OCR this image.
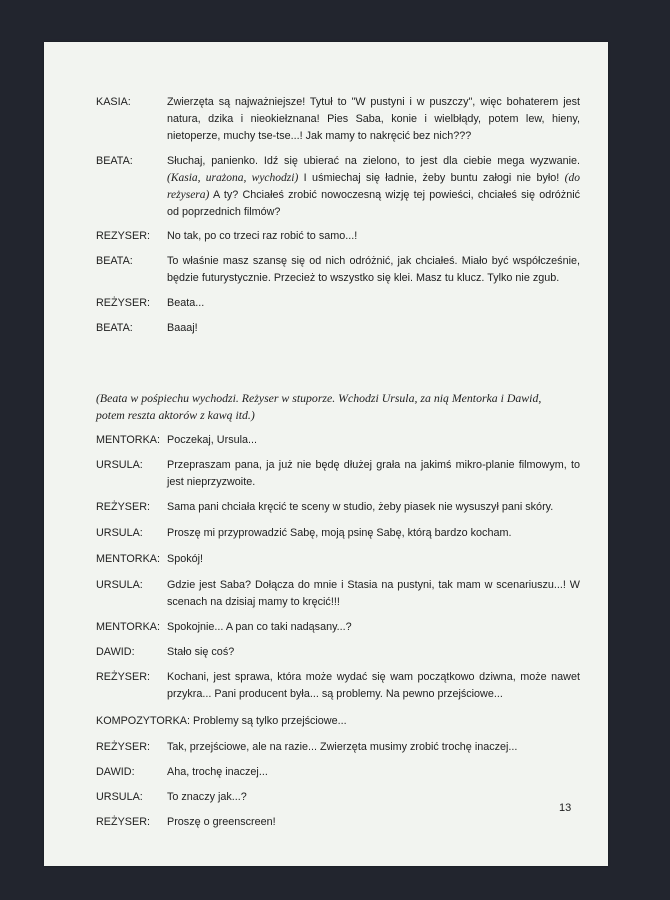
KASIA:	Zwierzęta są najważniejsze! Tytuł to "W pustyni i w puszczy", więc bohaterem jest natura, dzika i nieokiełznana! Pies Saba, konie i wielbłądy, potem lew, hieny, nietoperze, muchy tse-tse...! Jak mamy to nakręcić bez nich???
BEATA:	Słuchaj, panienko. Idź się ubierać na zielono, to jest dla ciebie mega wyzwanie. (Kasia, urażona, wychodzi) I uśmiechaj się ładnie, żeby buntu załogi nie było! (do reżysera) A ty? Chciałeś zrobić nowoczesną wizję tej powieści, chciałeś się odróżnić od poprzednich filmów?
REZYSER:	No tak, po co trzeci raz robić to samo...!
BEATA:	To właśnie masz szansę się od nich odróżnić, jak chciałeś. Miało być współcześnie, będzie futurystycznie. Przecież to wszystko się klei. Masz tu klucz. Tylko nie zgub.
REŻYSER:	Beata...
BEATA:	Baaaj!
(Beata w pośpiechu wychodzi. Reżyser w stuporze. Wchodzi Ursula, za nią Mentorka i Dawid, potem reszta aktorów z kawą itd.)
MENTORKA: Poczekaj, Ursula...
URSULA:	Przepraszam pana, ja już nie będę dłużej grała na jakimś mikro-planie filmowym, to jest nieprzyzwoite.
REŻYSER:	Sama pani chciała kręcić te sceny w studio, żeby piasek nie wysuszył pani skóry.
URSULA:	Proszę mi przyprowadzić Sabę, moją psinę Sabę, którą bardzo kocham.
MENTORKA: Spokój!
URSULA:	Gdzie jest Saba? Dołącza do mnie i Stasia na pustyni, tak mam w scenariuszu...! W scenach na dzisiaj mamy to kręcić!!!
MENTORKA: Spokojnie... A pan co taki nadąsany...?
DAWID:	Stało się coś?
REŻYSER:	Kochani, jest sprawa, która może wydać się wam początkowo dziwna, może nawet przykra... Pani producent była... są problemy. Na pewno przejściowe...
KOMPOZYTORKA: Problemy są tylko przejściowe...
REŻYSER:	Tak, przejściowe, ale na razie... Zwierzęta musimy zrobić trochę inaczej...
DAWID:	Aha, trochę inaczej...
URSULA:	To znaczy jak...?
REŻYSER:	Proszę o greenscreen!
13
